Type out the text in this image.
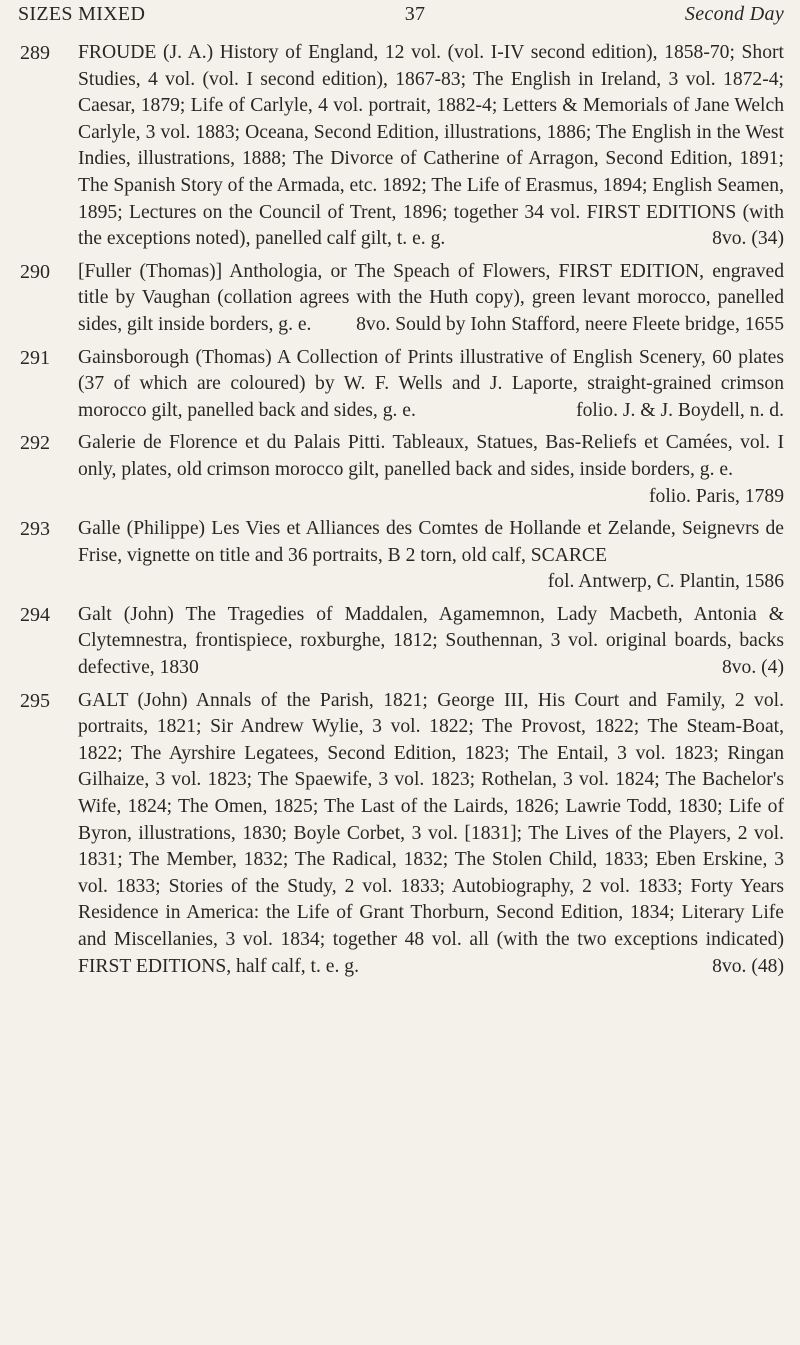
SIZES MIXED	37	Second Day
289	FROUDE (J. A.) History of England, 12 vol. (vol. I-IV second edition), 1858-70; Short Studies, 4 vol. (vol. I second edition), 1867-83; The English in Ireland, 3 vol. 1872-4; Caesar, 1879; Life of Carlyle, 4 vol. portrait, 1882-4; Letters & Memorials of Jane Welch Carlyle, 3 vol. 1883; Oceana, Second Edition, illustrations, 1886; The English in the West Indies, illustrations, 1888; The Divorce of Catherine of Arragon, Second Edition, 1891; The Spanish Story of the Armada, etc. 1892; The Life of Erasmus, 1894; English Seamen, 1895; Lectures on the Council of Trent, 1896; together 34 vol. FIRST EDITIONS (with the exceptions noted), panelled calf gilt, t. e. g.	8vo. (34)
290	[Fuller (Thomas)] Anthologia, or The Speach of Flowers, FIRST EDITION, engraved title by Vaughan (collation agrees with the Huth copy), green levant morocco, panelled sides, gilt inside borders, g. e.	8vo. Sould by Iohn Stafford, neere Fleete bridge, 1655
291	Gainsborough (Thomas) A Collection of Prints illustrative of English Scenery, 60 plates (37 of which are coloured) by W. F. Wells and J. Laporte, straight-grained crimson morocco gilt, panelled back and sides, g. e.	folio. J. & J. Boydell, n. d.
292	Galerie de Florence et du Palais Pitti. Tableaux, Statues, Bas-Reliefs et Camées, vol. I only, plates, old crimson morocco gilt, panelled back and sides, inside borders, g. e.
folio. Paris, 1789
293	Galle (Philippe) Les Vies et Alliances des Comtes de Hollande et Zelande, Seignevrs de Frise, vignette on title and 36 portraits, B 2 torn, old calf, SCARCE
fol. Antwerp, C. Plantin, 1586
294	Galt (John) The Tragedies of Maddalen, Agamemnon, Lady Macbeth, Antonia & Clytemnestra, frontispiece, roxburghe, 1812; Southennan, 3 vol. original boards, backs defective, 1830	8vo. (4)
295	GALT (John) Annals of the Parish, 1821; George III, His Court and Family, 2 vol. portraits, 1821; Sir Andrew Wylie, 3 vol. 1822; The Provost, 1822; The Steam-Boat, 1822; The Ayrshire Legatees, Second Edition, 1823; The Entail, 3 vol. 1823; Ringan Gilhaize, 3 vol. 1823; The Spaewife, 3 vol. 1823; Rothelan, 3 vol. 1824; The Bachelor's Wife, 1824; The Omen, 1825; The Last of the Lairds, 1826; Lawrie Todd, 1830; Life of Byron, illustrations, 1830; Boyle Corbet, 3 vol. [1831]; The Lives of the Players, 2 vol. 1831; The Member, 1832; The Radical, 1832; The Stolen Child, 1833; Eben Erskine, 3 vol. 1833; Stories of the Study, 2 vol. 1833; Autobiography, 2 vol. 1833; Forty Years Residence in America: the Life of Grant Thorburn, Second Edition, 1834; Literary Life and Miscellanies, 3 vol. 1834; together 48 vol. all (with the two exceptions indicated) FIRST EDITIONS, half calf, t. e. g.	8vo. (48)
